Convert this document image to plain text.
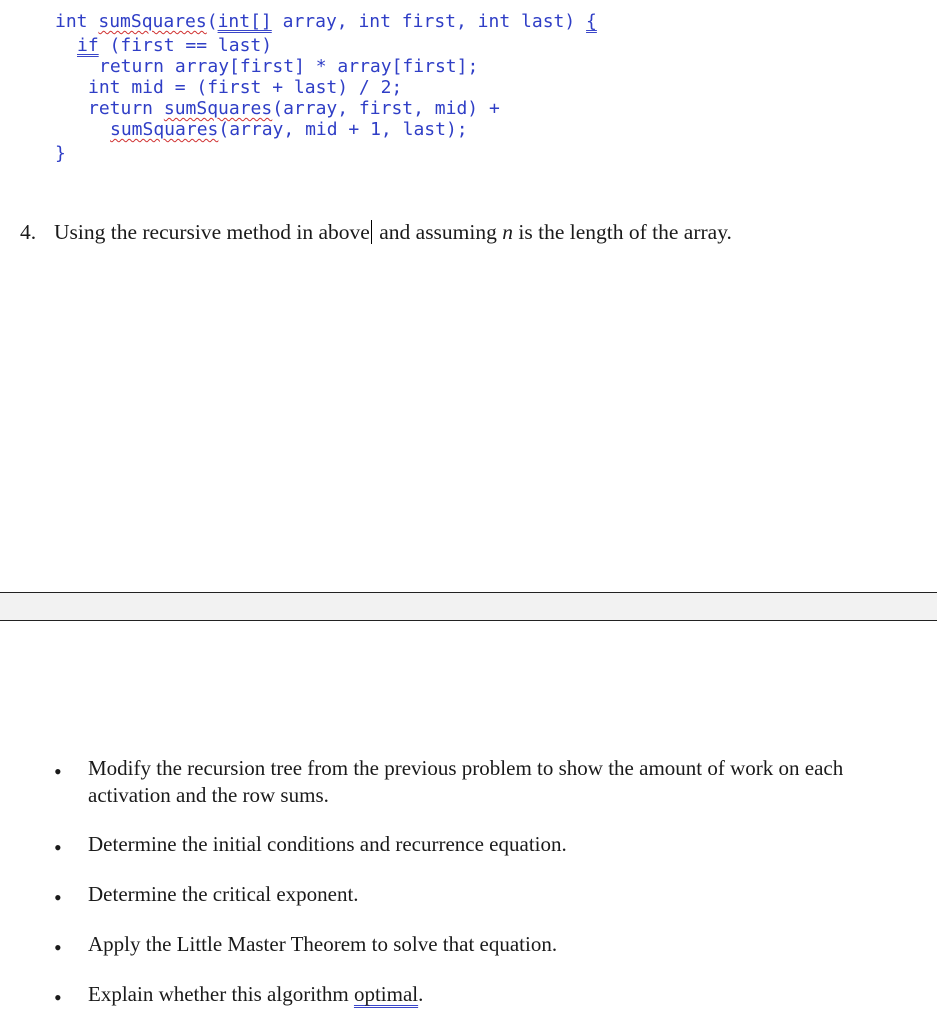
int sumSquares(int[] array, int first, int last) {

if (first == last)

return array[first] * array[first];

int mid = (first + last) / 2;

return sumSquares(array, first, mid) +

sumSquares(array, mid + 1, last);

}

4. Using the recursive method in above and assuming n is the length of the array.
• Modify the recursion tree from the previous problem to show the amount of work on each activation and the row sums.
• Determine the initial conditions and recurrence equation.
• Determine the critical exponent.
• Apply the Little Master Theorem to solve that equation.
• Explain whether this algorithm optimal.
